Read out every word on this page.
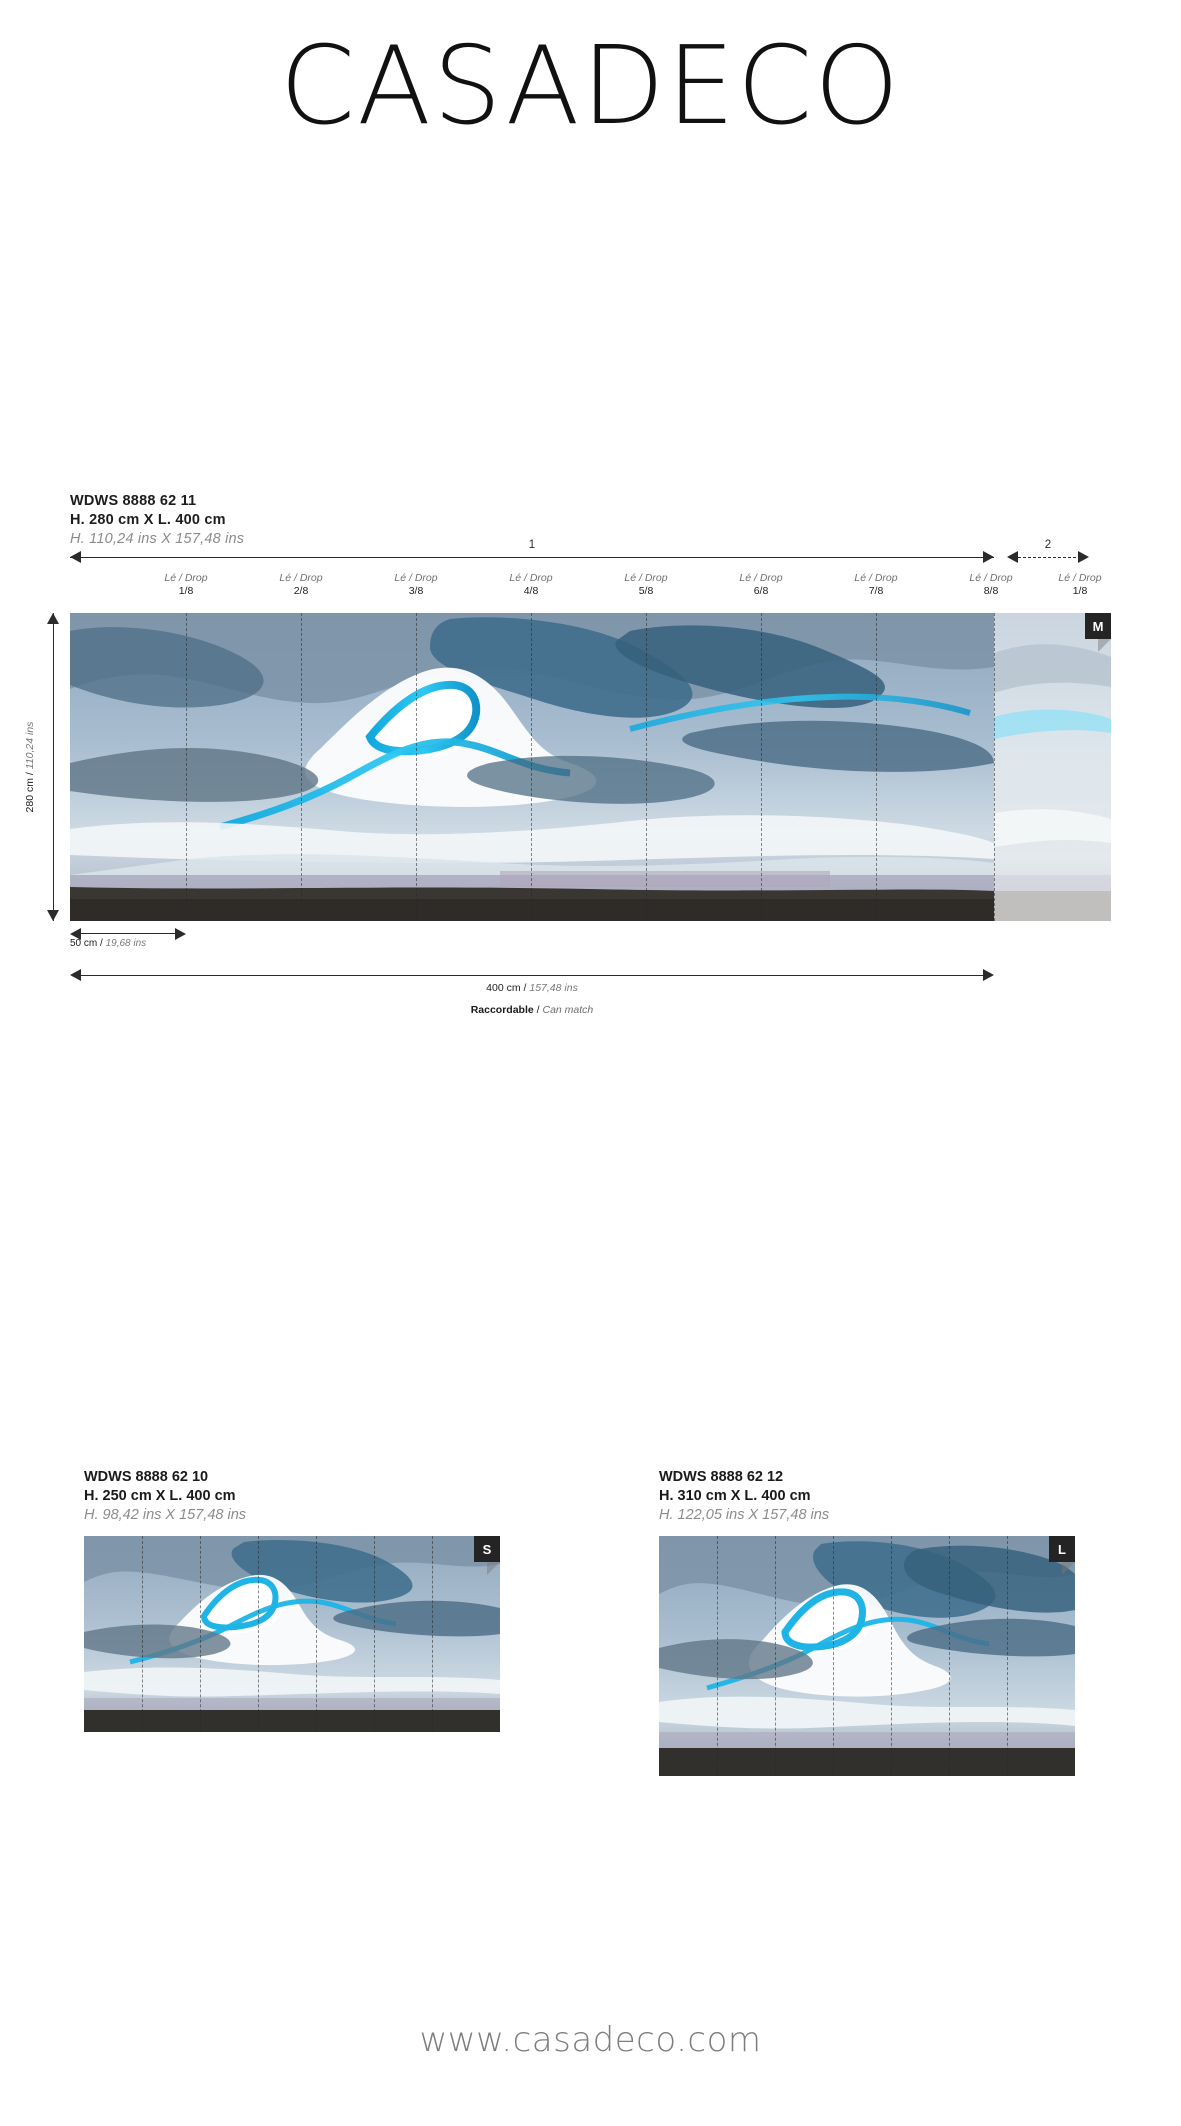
CASADECO
WDWS 8888 62 11
H. 280 cm X L. 400 cm
H. 110,24 ins X 157,48 ins	1	2
Lé / Drop
1/8
Lé / Drop
2/8
Lé / Drop
3/8
Lé / Drop
4/8
Lé / Drop
5/8
Lé / Drop
6/8
Lé / Drop
7/8
Lé / Drop
8/8
Lé / Drop
1/8
M
280 cm / 110,24 ins
50 cm / 19,68 ins
400 cm / 157,48 ins
Raccordable / Can match
WDWS 8888 62 10
H. 250 cm X L. 400 cm
H. 98,42 ins X 157,48 ins
S
WDWS 8888 62 12
H. 310 cm X L. 400 cm
H. 122,05 ins X 157,48 ins
L
www.casadeco.com
